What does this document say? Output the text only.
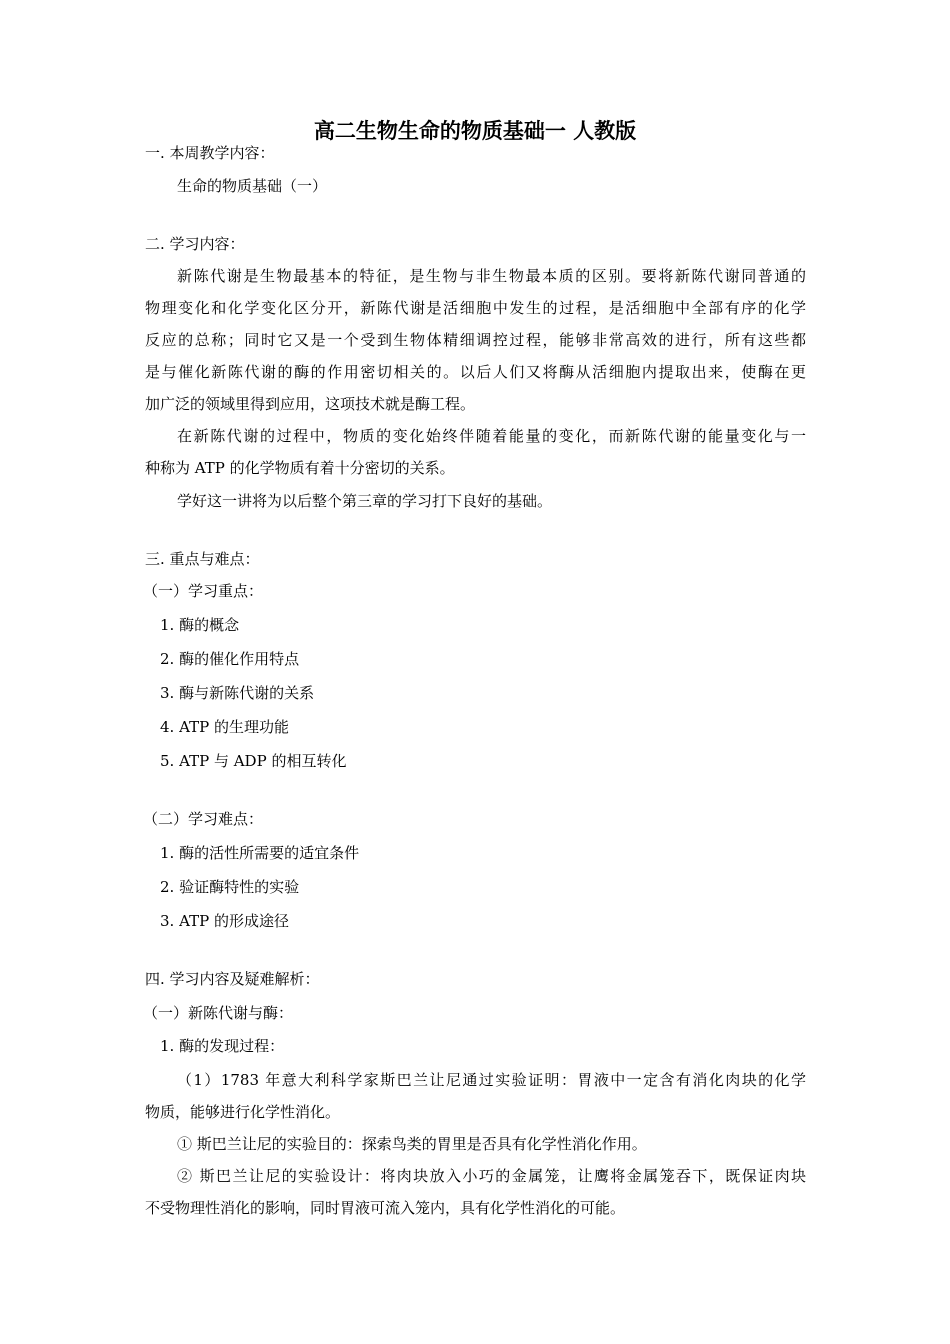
高二生物生命的物质基础一 人教版
一. 本周教学内容：
生命的物质基础（一）
二. 学习内容：
新陈代谢是生物最基本的特征，是生物与非生物最本质的区别。要将新陈代谢同普通的
物理变化和化学变化区分开，新陈代谢是活细胞中发生的过程，是活细胞中全部有序的化学
反应的总称；同时它又是一个受到生物体精细调控过程，能够非常高效的进行，所有这些都
是与催化新陈代谢的酶的作用密切相关的。以后人们又将酶从活细胞内提取出来，使酶在更
加广泛的领域里得到应用，这项技术就是酶工程。
在新陈代谢的过程中，物质的变化始终伴随着能量的变化，而新陈代谢的能量变化与一
种称为 ATP 的化学物质有着十分密切的关系。
学好这一讲将为以后整个第三章的学习打下良好的基础。
三. 重点与难点：
（一）学习重点：
1. 酶的概念
2. 酶的催化作用特点
3. 酶与新陈代谢的关系
4. ATP 的生理功能
5. ATP 与 ADP 的相互转化
（二）学习难点：
1. 酶的活性所需要的适宜条件
2. 验证酶特性的实验
3. ATP 的形成途径
四. 学习内容及疑难解析：
（一）新陈代谢与酶：
1. 酶的发现过程：
（1）1783 年意大利科学家斯巴兰让尼通过实验证明：胃液中一定含有消化肉块的化学
物质，能够进行化学性消化。
① 斯巴兰让尼的实验目的：探索鸟类的胃里是否具有化学性消化作用。
② 斯巴兰让尼的实验设计：将肉块放入小巧的金属笼，让鹰将金属笼吞下，既保证肉块
不受物理性消化的影响，同时胃液可流入笼内，具有化学性消化的可能。
